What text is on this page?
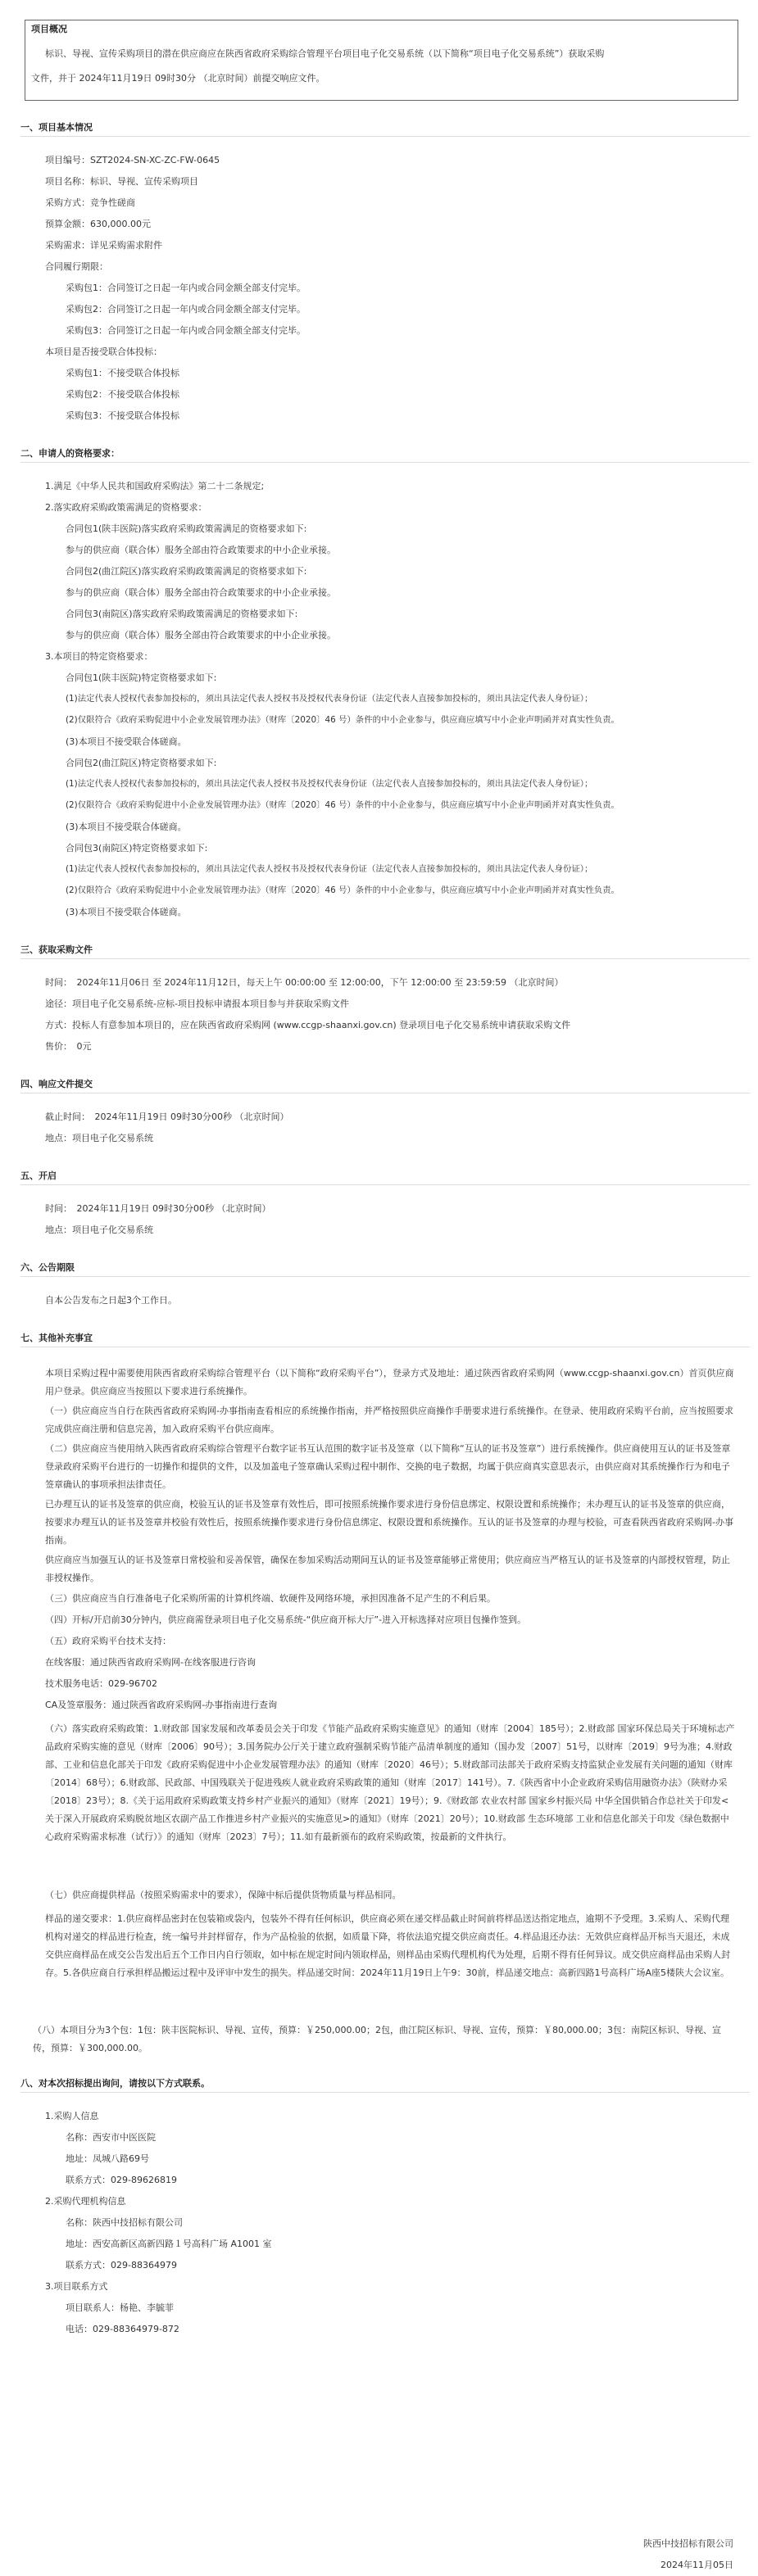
项目概况
标识、导视、宣传采购项目的潜在供应商应在陕西省政府采购综合管理平台项目电子化交易系统（以下简称“项目电子化交易系统”）获取采购
文件，并于 2024年11月19日 09时30分 （北京时间）前提交响应文件。
一、项目基本情况
项目编号：SZT2024-SN-XC-ZC-FW-0645
项目名称：标识、导视、宣传采购项目
采购方式：竞争性磋商
预算金额：630,000.00元
采购需求：详见采购需求附件
合同履行期限：
采购包1：合同签订之日起一年内或合同金额全部支付完毕。
采购包2：合同签订之日起一年内或合同金额全部支付完毕。
采购包3：合同签订之日起一年内或合同金额全部支付完毕。
本项目是否接受联合体投标：
采购包1：不接受联合体投标
采购包2：不接受联合体投标
采购包3：不接受联合体投标
二、申请人的资格要求：
1.满足《中华人民共和国政府采购法》第二十二条规定;
2.落实政府采购政策需满足的资格要求：
合同包1(陕丰医院)落实政府采购政策需满足的资格要求如下:
参与的供应商（联合体）服务全部由符合政策要求的中小企业承接。
合同包2(曲江院区)落实政府采购政策需满足的资格要求如下:
参与的供应商（联合体）服务全部由符合政策要求的中小企业承接。
合同包3(南院区)落实政府采购政策需满足的资格要求如下:
参与的供应商（联合体）服务全部由符合政策要求的中小企业承接。
3.本项目的特定资格要求：
合同包1(陕丰医院)特定资格要求如下:
(1)法定代表人授权代表参加投标的，须出具法定代表人授权书及授权代表身份证（法定代表人直接参加投标的，须出具法定代表人身份证）；
(2)仅限符合《政府采购促进中小企业发展管理办法》（财库〔2020〕46 号）条件的中小企业参与，供应商应填写中小企业声明函并对真实性负责。
(3)本项目不接受联合体磋商。
合同包2(曲江院区)特定资格要求如下:
(1)法定代表人授权代表参加投标的，须出具法定代表人授权书及授权代表身份证（法定代表人直接参加投标的，须出具法定代表人身份证）；
(2)仅限符合《政府采购促进中小企业发展管理办法》（财库〔2020〕46 号）条件的中小企业参与，供应商应填写中小企业声明函并对真实性负责。
(3)本项目不接受联合体磋商。
合同包3(南院区)特定资格要求如下:
(1)法定代表人授权代表参加投标的，须出具法定代表人授权书及授权代表身份证（法定代表人直接参加投标的，须出具法定代表人身份证）；
(2)仅限符合《政府采购促进中小企业发展管理办法》（财库〔2020〕46 号）条件的中小企业参与，供应商应填写中小企业声明函并对真实性负责。
(3)本项目不接受联合体磋商。
三、获取采购文件
时间：　2024年11月06日 至 2024年11月12日，每天上午 00:00:00 至 12:00:00，下午 12:00:00 至 23:59:59 （北京时间）
途径：项目电子化交易系统-应标-项目投标申请报本项目参与并获取采购文件
方式：投标人有意参加本项目的，应在陕西省政府采购网 (www.ccgp-shaanxi.gov.cn) 登录项目电子化交易系统申请获取采购文件
售价：　0元
四、响应文件提交
截止时间：　2024年11月19日 09时30分00秒 （北京时间）
地点：项目电子化交易系统
五、开启
时间：　2024年11月19日 09时30分00秒 （北京时间）
地点：项目电子化交易系统
六、公告期限
自本公告发布之日起3个工作日。
七、其他补充事宜
本项目采购过程中需要使用陕西省政府采购综合管理平台（以下简称“政府采购平台”），登录方式及地址：通过陕西省政府采购网（www.ccgp-shaanxi.gov.cn）首页供应商用户登录。供应商应当按照以下要求进行系统操作。
（一）供应商应当自行在陕西省政府采购网-办事指南查看相应的系统操作指南，并严格按照供应商操作手册要求进行系统操作。在登录、使用政府采购平台前，应当按照要求完成供应商注册和信息完善，加入政府采购平台供应商库。
（二）供应商应当使用纳入陕西省政府采购综合管理平台数字证书互认范围的数字证书及签章（以下简称“互认的证书及签章”）进行系统操作。供应商使用互认的证书及签章登录政府采购平台进行的一切操作和提供的文件，以及加盖电子签章确认采购过程中制作、交换的电子数据，均属于供应商真实意思表示，由供应商对其系统操作行为和电子签章确认的事项承担法律责任。
已办理互认的证书及签章的供应商，校验互认的证书及签章有效性后，即可按照系统操作要求进行身份信息绑定、权限设置和系统操作；未办理互认的证书及签章的供应商，按要求办理互认的证书及签章并校验有效性后，按照系统操作要求进行身份信息绑定、权限设置和系统操作。互认的证书及签章的办理与校验，可查看陕西省政府采购网-办事指南。
供应商应当加强互认的证书及签章日常校验和妥善保管，确保在参加采购活动期间互认的证书及签章能够正常使用；供应商应当严格互认的证书及签章的内部授权管理，防止非授权操作。
（三）供应商应当自行准备电子化采购所需的计算机终端、软硬件及网络环境，承担因准备不足产生的不利后果。
（四）开标/开启前30分钟内，供应商需登录项目电子化交易系统-“供应商开标大厅”-进入开标选择对应项目包操作签到。
（五）政府采购平台技术支持：
在线客服：通过陕西省政府采购网-在线客服进行咨询
技术服务电话：029-96702
CA及签章服务：通过陕西省政府采购网-办事指南进行查询
（六）落实政府采购政策：1.财政部 国家发展和改革委员会关于印发《节能产品政府采购实施意见》的通知（财库〔2004〕185号）；2.财政部 国家环保总局关于环境标志产品政府采购实施的意见（财库〔2006〕90号）；3.国务院办公厅关于建立政府强制采购节能产品清单制度的通知（国办发〔2007〕51号，以财库〔2019〕9号为准；4.财政部、工业和信息化部关于印发《政府采购促进中小企业发展管理办法》的通知（财库〔2020〕46号）；5.财政部司法部关于政府采购支持监狱企业发展有关问题的通知（财库〔2014〕68号）；6.财政部、民政部、中国残联关于促进残疾人就业政府采购政策的通知（财库〔2017〕141号）。7.《陕西省中小企业政府采购信用融资办法》（陕财办采〔2018〕23号）；8.《关于运用政府采购政策支持乡村产业振兴的通知》（财库〔2021〕19号）；9.《财政部 农业农村部 国家乡村振兴局 中华全国供销合作总社关于印发<关于深入开展政府采购脱贫地区农副产品工作推进乡村产业振兴的实施意见>的通知》（财库〔2021〕20号）；10.财政部 生态环境部 工业和信息化部关于印发《绿色数据中心政府采购需求标准（试行）》的通知（财库〔2023〕7号）；11.如有最新颁布的政府采购政策，按最新的文件执行。
（七）供应商提供样品（按照采购需求中的要求），保障中标后提供货物质量与样品相同。
样品的递交要求：1.供应商样品密封在包装箱或袋内，包装外不得有任何标识，供应商必须在递交样品截止时间前将样品送达指定地点，逾期不予受理。3.采购人、采购代理机构对递交的样品进行检查，统一编号并封样留存，作为产品检验的依据，如质量下降，将依法追究提交供应商责任。4.样品退还办法：无效供应商样品开标当天退还，未成交供应商样品在成交公告发出后五个工作日内自行领取，如中标在规定时间内领取样品，则样品由采购代理机构代为处理，后期不得有任何异议。成交供应商样品由采购人封存。5.各供应商自行承担样品搬运过程中及评审中发生的损失。样品递交时间：2024年11月19日上午9：30前，样品递交地点：高新四路1号高科广场A座5楼陕大会议室。
（八）本项目分为3个包：1包：陕丰医院标识、导视、宣传，预算：￥250,000.00；2包，曲江院区标识、导视、宣传，预算：￥80,000.00；3包：南院区标识、导视、宣传，预算：￥300,000.00。
八、对本次招标提出询问，请按以下方式联系。
1.采购人信息
名称：西安市中医医院
地址：凤城八路69号
联系方式：029-89626819
2.采购代理机构信息
名称：陕西中技招标有限公司
地址：西安高新区高新四路１号高科广场 A1001 室
联系方式：029-88364979
3.项目联系方式
项目联系人：杨艳、李毓菲
电话：029-88364979-872
陕西中技招标有限公司
2024年11月05日
